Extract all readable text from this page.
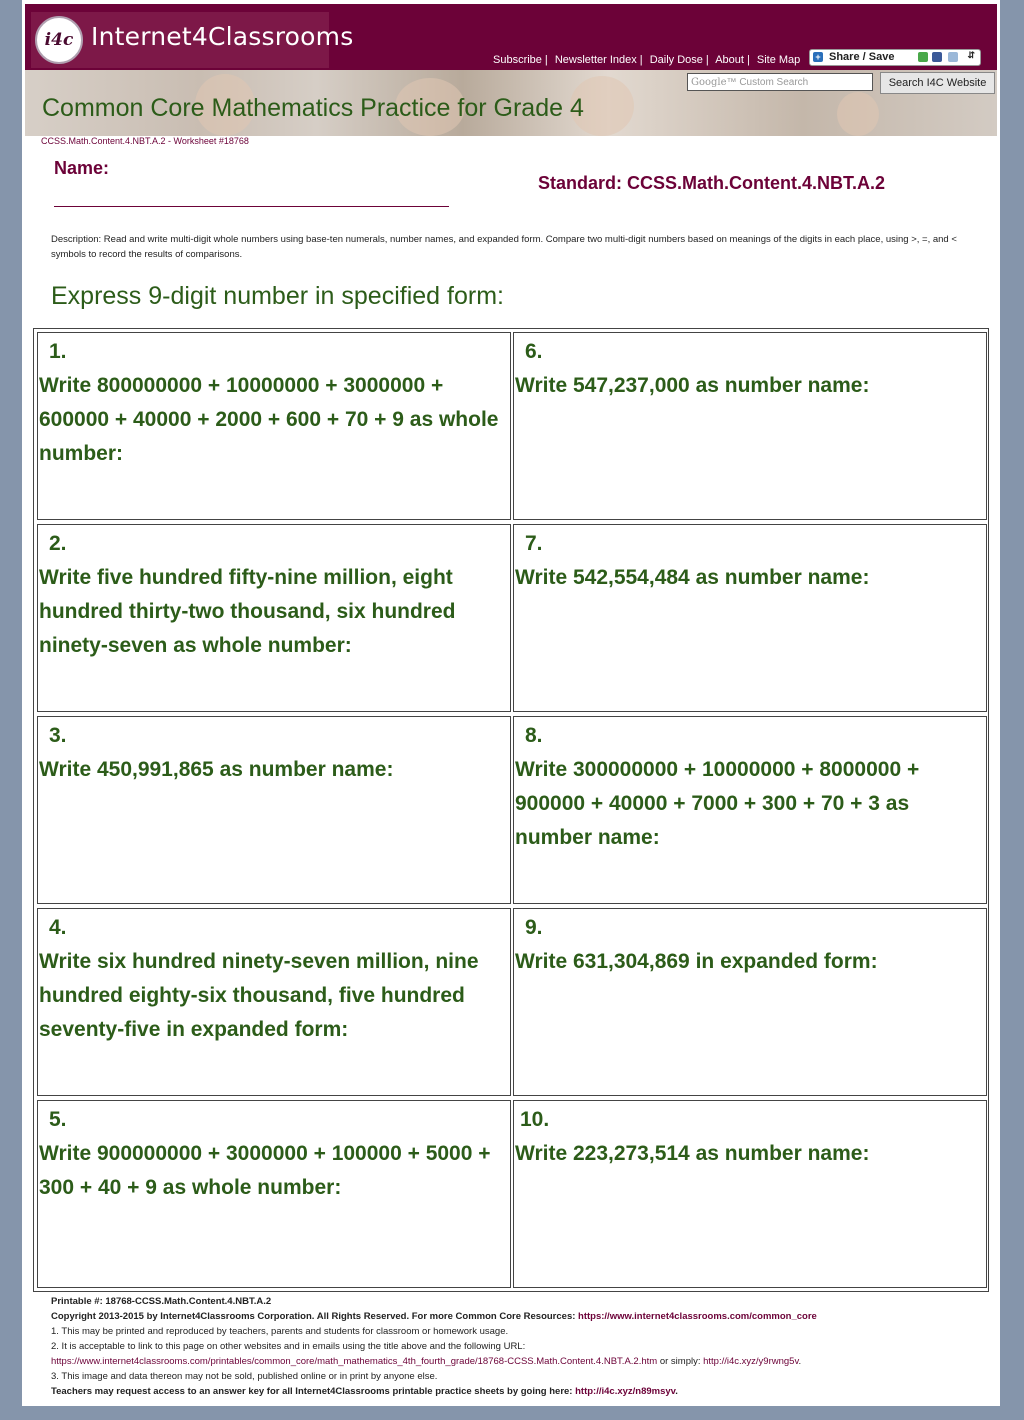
i4c Internet4Classrooms
Subscribe | Newsletter Index | Daily Dose | About | Site Map + Share / Save	⇵
Google™ Custom Search	Search I4C Website
Common Core Mathematics Practice for Grade 4
CCSS.Math.Content.4.NBT.A.2 - Worksheet #18768
Name:
Standard: CCSS.Math.Content.4.NBT.A.2
Description: Read and write multi-digit whole numbers using base-ten numerals, number names, and expanded form. Compare two multi-digit numbers based on meanings of the digits in each place, using >, =, and < symbols to record the results of comparisons.
Express 9-digit number in specified form:
1.
Write 800000000 + 10000000 + 3000000 + 600000 + 40000 + 2000 + 600 + 70 + 9 as whole number:
6.
Write 547,237,000 as number name:
2.
Write five hundred fifty-nine million, eight hundred thirty-two thousand, six hundred ninety-seven as whole number:
7.
Write 542,554,484 as number name:
3.
Write 450,991,865 as number name:
8.
Write 300000000 + 10000000 + 8000000 + 900000 + 40000 + 7000 + 300 + 70 + 3 as number name:
4.
Write six hundred ninety-seven million, nine hundred eighty-six thousand, five hundred seventy-five in expanded form:
9.
Write 631,304,869 in expanded form:
5.
Write 900000000 + 3000000 + 100000 + 5000 + 300 + 40 + 9 as whole number:
10.
Write 223,273,514 as number name:
Printable #: 18768-CCSS.Math.Content.4.NBT.A.2
Copyright 2013-2015 by Internet4Classrooms Corporation. All Rights Reserved. For more Common Core Resources: https://www.internet4classrooms.com/common_core
1. This may be printed and reproduced by teachers, parents and students for classroom or homework usage.
2. It is acceptable to link to this page on other websites and in emails using the title above and the following URL:
https://www.internet4classrooms.com/printables/common_core/math_mathematics_4th_fourth_grade/18768-CCSS.Math.Content.4.NBT.A.2.htm or simply: http://i4c.xyz/y9rwng5v.
3. This image and data thereon may not be sold, published online or in print by anyone else.
Teachers may request access to an answer key for all Internet4Classrooms printable practice sheets by going here: http://i4c.xyz/n89msyv.
